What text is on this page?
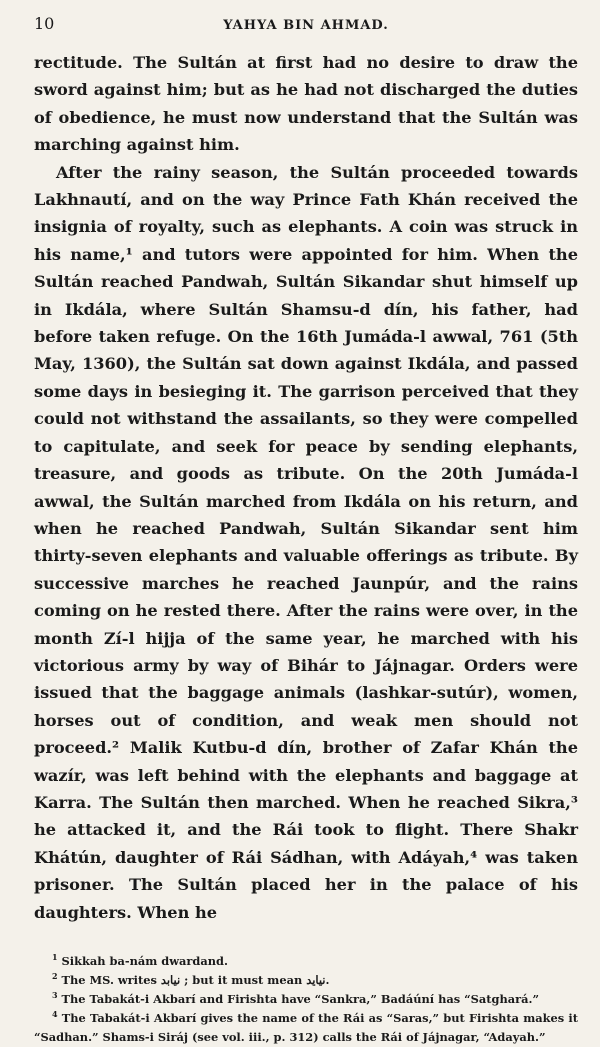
10	YAHYA BIN AHMAD.

rectitude. The Sultán at first had no desire to draw the sword against him; but as he had not discharged the duties of obedience, he must now understand that the Sultán was marching against him.

After the rainy season, the Sultán proceeded towards Lakhnautí, and on the way Prince Fath Khán received the insignia of royalty, such as elephants. A coin was struck in his name,¹ and tutors were appointed for him. When the Sultán reached Pandwah, Sultán Sikandar shut himself up in Ikdála, where Sultán Shamsu-d dín, his father, had before taken refuge. On the 16th Jumáda-l awwal, 761 (5th May, 1360), the Sultán sat down against Ikdála, and passed some days in besieging it. The garrison perceived that they could not withstand the assailants, so they were compelled to capitulate, and seek for peace by sending elephants, treasure, and goods as tribute. On the 20th Jumáda-l awwal, the Sultán marched from Ikdála on his return, and when he reached Pandwah, Sultán Sikandar sent him thirty-seven elephants and valuable offerings as tribute. By successive marches he reached Jaunpúr, and the rains coming on he rested there. After the rains were over, in the month Zí-l hijja of the same year, he marched with his victorious army by way of Bihár to Jájnagar. Orders were issued that the baggage animals (lashkar-sutúr), women, horses out of condition, and weak men should not proceed.² Malik Kutbu-d dín, brother of Zafar Khán the wazír, was left behind with the elephants and baggage at Karra. The Sultán then marched. When he reached Sikra,³ he attacked it, and the Rái took to flight. There Shakr Khátún, daughter of Rái Sádhan, with Adáyah,⁴ was taken prisoner. The Sultán placed her in the palace of his daughters. When he

$^1$ Sikkah ba-nám dwardand.
$^2$ The MS. writes نیابد ; but it must mean نیاید.
$^3$ The Tabakát-i Akbarí and Firishta have “Sankra,” Badáúní has “Satghará.”
$^4$ The Tabakát-i Akbarí gives the name of the Rái as “Saras,” but Firishta makes it “Sadhan.” Shams-i Siráj (see vol. iii., p. 312) calls the Rái of Jájnagar, “Adayah.”
